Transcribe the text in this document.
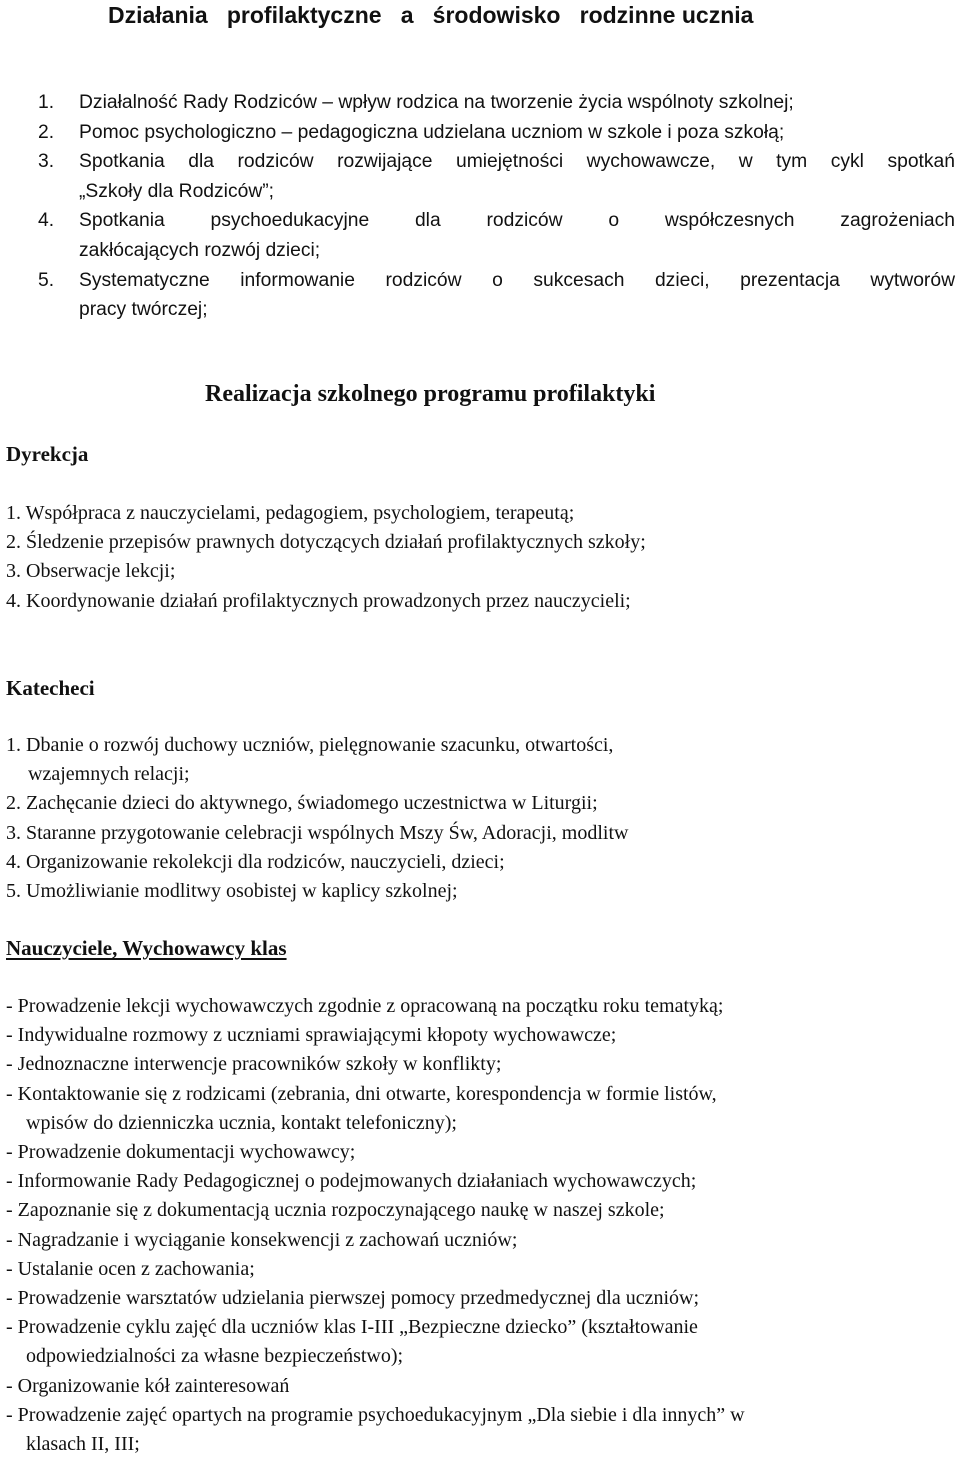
Działania   profilaktyczne   a   środowisko   rodzinne ucznia
1. Działalność Rady Rodziców – wpływ rodzica na tworzenie życia wspólnoty szkolnej;
2. Pomoc psychologiczno – pedagogiczna udzielana uczniom w szkole i poza szkołą;
3. Spotkania dla rodziców rozwijające umiejętności wychowawcze, w tym cykl spotkań
„Szkoły dla Rodziców”;
4. Spotkania psychoedukacyjne dla rodziców o współczesnych zagrożeniach
zakłócających rozwój dzieci;
5. Systematyczne informowanie rodziców o sukcesach dzieci, prezentacja wytworów
pracy twórczej;
Realizacja szkolnego programu profilaktyki
Dyrekcja
1. Współpraca z nauczycielami, pedagogiem, psychologiem, terapeutą;
2. Śledzenie przepisów prawnych dotyczących działań profilaktycznych szkoły;
3. Obserwacje lekcji;
4. Koordynowanie działań profilaktycznych prowadzonych przez nauczycieli;
Katecheci
1. Dbanie o rozwój duchowy uczniów, pielęgnowanie szacunku, otwartości,
wzajemnych relacji;
2. Zachęcanie dzieci do aktywnego, świadomego uczestnictwa w Liturgii;
3. Staranne przygotowanie celebracji wspólnych Mszy Św, Adoracji, modlitw
4. Organizowanie rekolekcji dla rodziców, nauczycieli, dzieci;
5. Umożliwianie modlitwy osobistej w kaplicy szkolnej;
Nauczyciele, Wychowawcy klas
- Prowadzenie lekcji wychowawczych zgodnie z opracowaną na początku roku tematyką;
- Indywidualne rozmowy z uczniami sprawiającymi kłopoty wychowawcze;
- Jednoznaczne interwencje pracowników szkoły w konflikty;
- Kontaktowanie się z rodzicami (zebrania, dni otwarte, korespondencja w formie listów,
wpisów do dzienniczka ucznia, kontakt telefoniczny);
- Prowadzenie dokumentacji wychowawcy;
- Informowanie Rady Pedagogicznej o podejmowanych działaniach wychowawczych;
- Zapoznanie się z dokumentacją ucznia rozpoczynającego naukę w naszej szkole;
- Nagradzanie i wyciąganie konsekwencji z zachowań uczniów;
- Ustalanie ocen z zachowania;
- Prowadzenie warsztatów udzielania pierwszej pomocy przedmedycznej dla uczniów;
- Prowadzenie cyklu zajęć dla uczniów klas I-III „Bezpieczne dziecko” (kształtowanie
odpowiedzialności za własne bezpieczeństwo);
- Organizowanie kół zainteresowań
- Prowadzenie zajęć opartych na programie psychoedukacyjnym „Dla siebie i dla innych” w
klasach II, III;
